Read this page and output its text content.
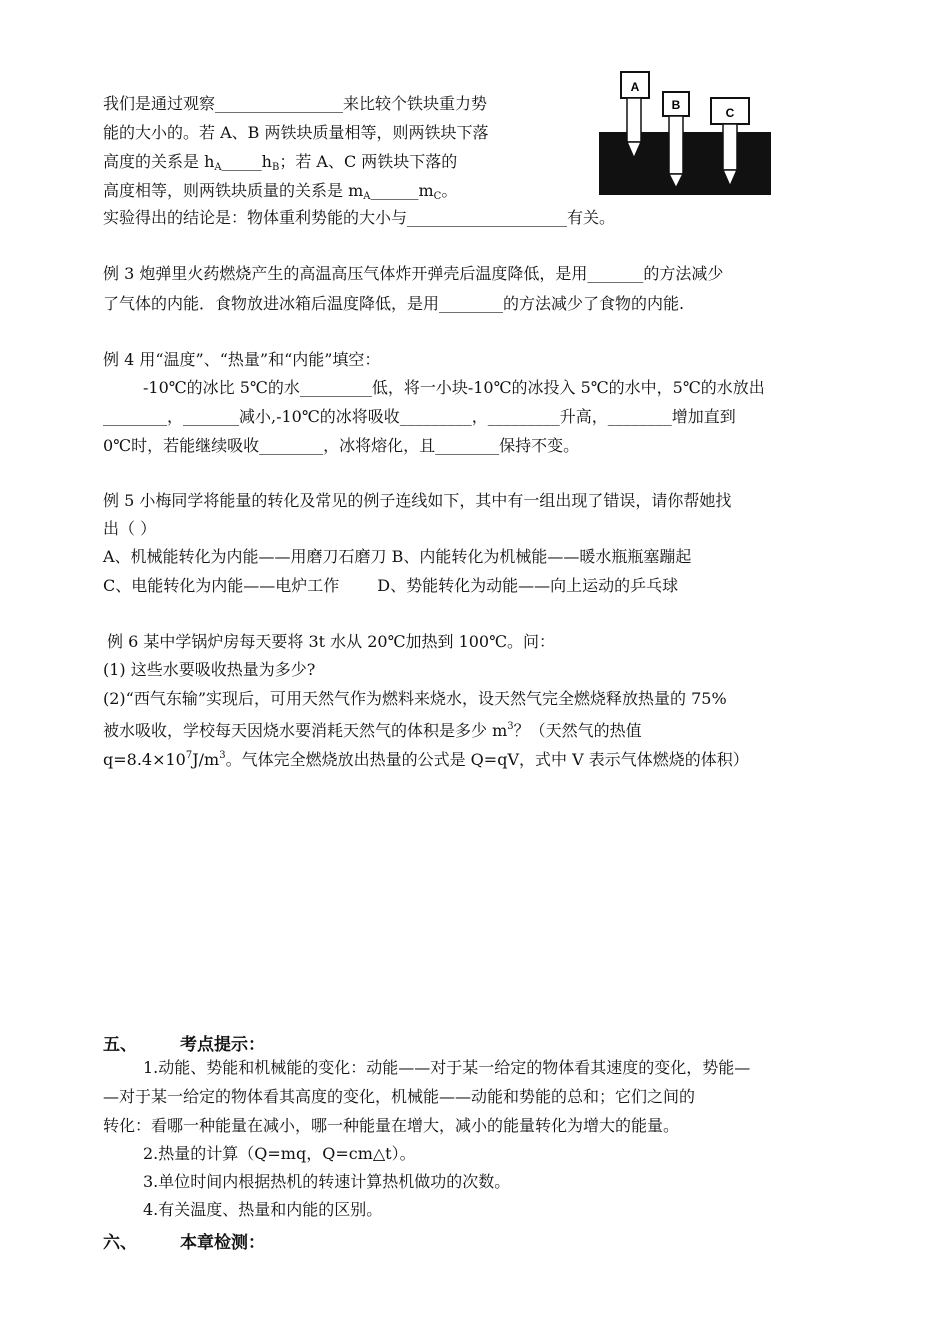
我们是通过观察________________来比较个铁块重力势
能的大小的。若 A、B 两铁块质量相等，则两铁块下落
高度的关系是 $h_A\_\_\_\_\_h_B$；若 A、C 两铁块下落的
高度相等，则两铁块质量的关系是 $m_A\_\_\_\_\_\_m_C$。
实验得出的结论是：物体重利势能的大小与____________________有关。
A
B
C
例 3 炮弹里火药燃烧产生的高温高压气体炸开弹壳后温度降低，是用_______的方法减少
了气体的内能．食物放进冰箱后温度降低，是用________的方法减少了食物的内能.
例 4 用“温度”、“热量”和“内能”填空：
-10℃的冰比 5℃的水_________低，将一小块-10℃的冰投入 5℃的水中，5℃的水放出
________，_______减小,-10℃的冰将吸收_________，_________升高，________增加直到
0℃时，若能继续吸收________，冰将熔化，且________保持不变。
例 5 小梅同学将能量的转化及常见的例子连线如下，其中有一组出现了错误，请你帮她找
出（ ）
A、机械能转化为内能——用磨刀石磨刀 B、内能转化为机械能——暖水瓶瓶塞蹦起
C、电能转化为内能——电炉工作 D、势能转化为动能——向上运动的乒乓球
例 6 某中学锅炉房每天要将 3t 水从 20℃加热到 100℃。问：
(1) 这些水要吸收热量为多少?
(2)“西气东输”实现后，可用天然气作为燃料来烧水，设天然气完全燃烧释放热量的 75%
被水吸收，学校每天因烧水要消耗天然气的体积是多少 $m^3$？（天然气的热值
$q=8.4\times 10^7J/m^3$。气体完全燃烧放出热量的公式是 Q=qV，式中 V 表示气体燃烧的体积）
五、	考点提示：
1.动能、势能和机械能的变化：动能——对于某一给定的物体看其速度的变化，势能—
—对于某一给定的物体看其高度的变化，机械能——动能和势能的总和；它们之间的
转化：看哪一种能量在减小，哪一种能量在增大，减小的能量转化为增大的能量。
2.热量的计算（Q=mq，Q=cm△t）。
3.单位时间内根据热机的转速计算热机做功的次数。
4.有关温度、热量和内能的区别。
六、	本章检测：
